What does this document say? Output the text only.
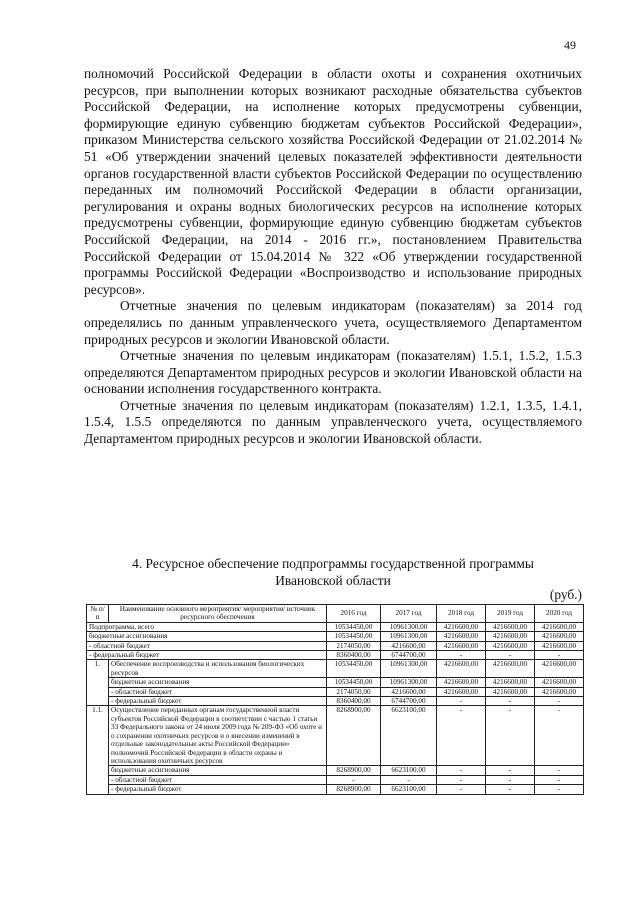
49

полномочий Российской Федерации в области охоты и сохранения охотничьих ресурсов, при выполнении которых возникают расходные обязательства субъектов Российской Федерации, на исполнение которых предусмотрены субвенции, формирующие единую субвенцию бюджетам субъектов Российской Федерации», приказом Министерства сельского хозяйства Российской Федерации от 21.02.2014 № 51 «Об утверждении значений целевых показателей эффективности деятельности органов государственной власти субъектов Российской Федерации по осуществлению переданных им полномочий Российской Федерации в области организации, регулирования и охраны водных биологических ресурсов на исполнение которых предусмотрены субвенции, формирующие единую субвенцию бюджетам субъектов Российской Федерации, на 2014 - 2016 гг.», постановлением Правительства Российской Федерации от 15.04.2014 № 322 «Об утверждении государственной программы Российской Федерации «Воспроизводство и использование природных ресурсов».

Отчетные значения по целевым индикаторам (показателям) за 2014 год определялись по данным управленческого учета, осуществляемого Департаментом природных ресурсов и экологии Ивановской области.

Отчетные значения по целевым индикаторам (показателям) 1.5.1, 1.5.2, 1.5.3 определяются Департаментом природных ресурсов и экологии Ивановской области на основании исполнения государственного контракта.

Отчетные значения по целевым индикаторам (показателям) 1.2.1, 1.3.5, 1.4.1, 1.5.4, 1.5.5 определяются по данным управленческого учета, осуществляемого Департаментом природных ресурсов и экологии Ивановской области.

4. Ресурсное обеспечение подпрограммы государственной программы
Ивановской области
(руб.)
№ п/п	Наименование основного мероприятия/ мероприятия/ источник ресурсного обеспечения	2016 год	2017 год	2018 год	2019 год	2020 год
Подпрограмма, всего		10534450,00	10961300,00	4216600,00	4216600,00	4216600,00
бюджетные ассигнования		10534450,00	10961300,00	4216600,00	4216600,00	4216600,00
- областной бюджет		2174050,00	4216600,00	4216600,00	4216600,00	4216600,00
- федеральный бюджет		8360400,00	6744700,00	-	-	-
1.	Обеспечение воспроизводства и использования биологических ресурсов	10534450,00	10961300,00	4216600,00	4216600,00	4216600,00
	бюджетные ассигнования	10534450,00	10961300,00	4216600,00	4216600,00	4216600,00
	- областной бюджет	2174050,00	4216600,00	4216600,00	4216600,00	4216600,00
	- федеральный бюджет	8360400,00	6744700,00	-	-	-
1.1.	Осуществление переданных органам государственной власти субъектов Российской Федерации в соответствии с частью 1 статьи 33 Федерального закона от 24 июля 2009 года № 209-ФЗ «Об охоте и о сохранении охотничьих ресурсов и о внесении изменений в отдельные законодательные акты Российской Федерации» полномочий Российской Федерации в области охраны и использования охотничьих ресурсов	8268900,00	6623100,00	-	-	-
	бюджетные ассигнования	8268900,00	6623100,00	-	-	-
	- областной бюджет	-	-	-	-	-
	- федеральный бюджет	8268900,00	6623100,00	-	-	-
